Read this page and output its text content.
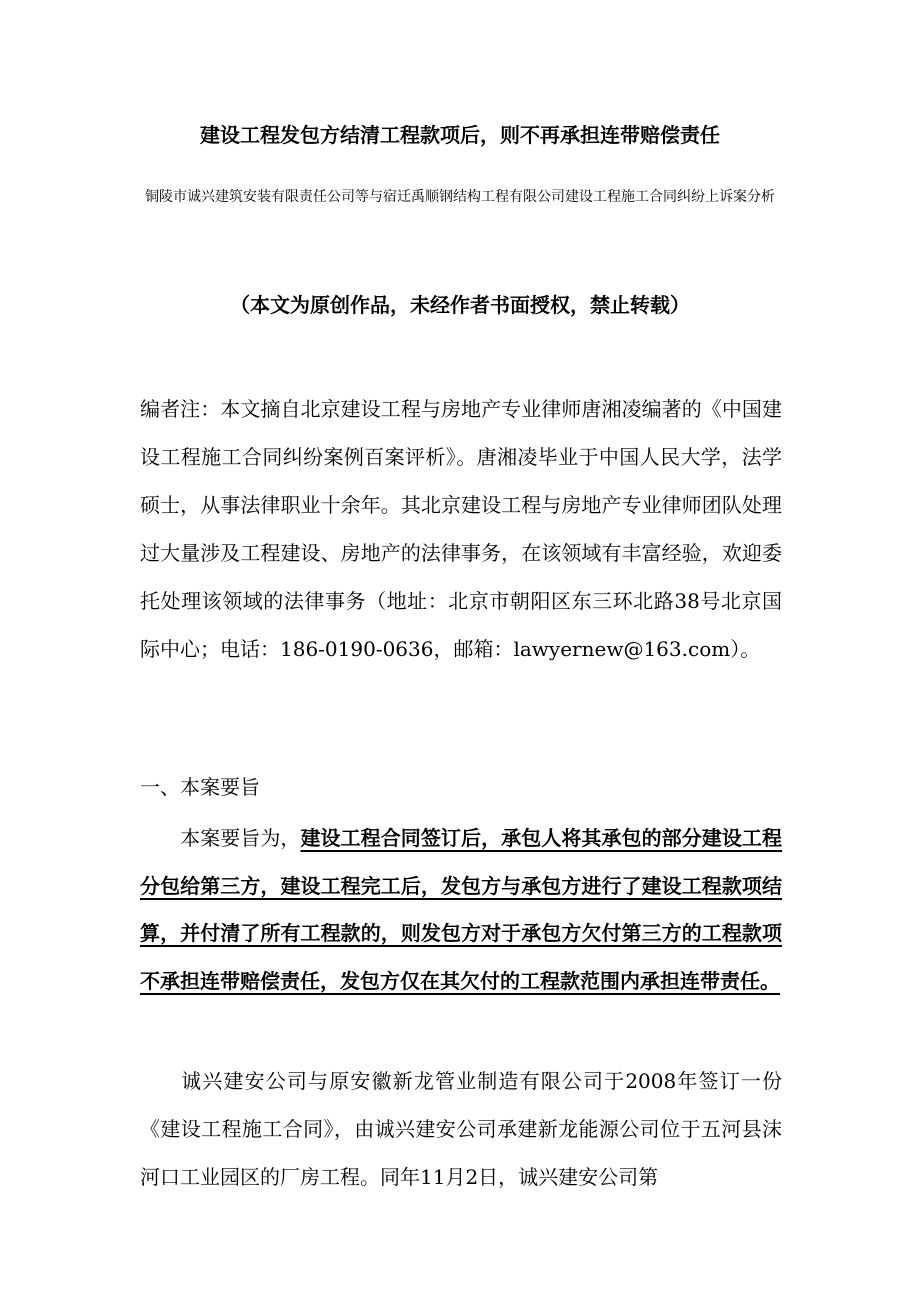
建设工程发包方结清工程款项后，则不再承担连带赔偿责任
铜陵市诚兴建筑安装有限责任公司等与宿迁禹顺钢结构工程有限公司建设工程施工合同纠纷上诉案分析
（本文为原创作品，未经作者书面授权，禁止转载）
编者注：本文摘自北京建设工程与房地产专业律师唐湘凌编著的《中国建设工程施工合同纠纷案例百案评析》。唐湘凌毕业于中国人民大学，法学硕士，从事法律职业十余年。其北京建设工程与房地产专业律师团队处理过大量涉及工程建设、房地产的法律事务，在该领域有丰富经验，欢迎委托处理该领域的法律事务（地址：北京市朝阳区东三环北路38号北京国际中心；电话：186-0190-0636，邮箱：lawyernew@163.com）。
一、本案要旨
本案要旨为，建设工程合同签订后，承包人将其承包的部分建设工程分包给第三方，建设工程完工后，发包方与承包方进行了建设工程款项结算，并付清了所有工程款的，则发包方对于承包方欠付第三方的工程款项不承担连带赔偿责任，发包方仅在其欠付的工程款范围内承担连带责任。
诚兴建安公司与原安徽新龙管业制造有限公司于2008年签订一份《建设工程施工合同》，由诚兴建安公司承建新龙能源公司位于五河县沫河口工业园区的厂房工程。同年11月2日，诚兴建安公司第
